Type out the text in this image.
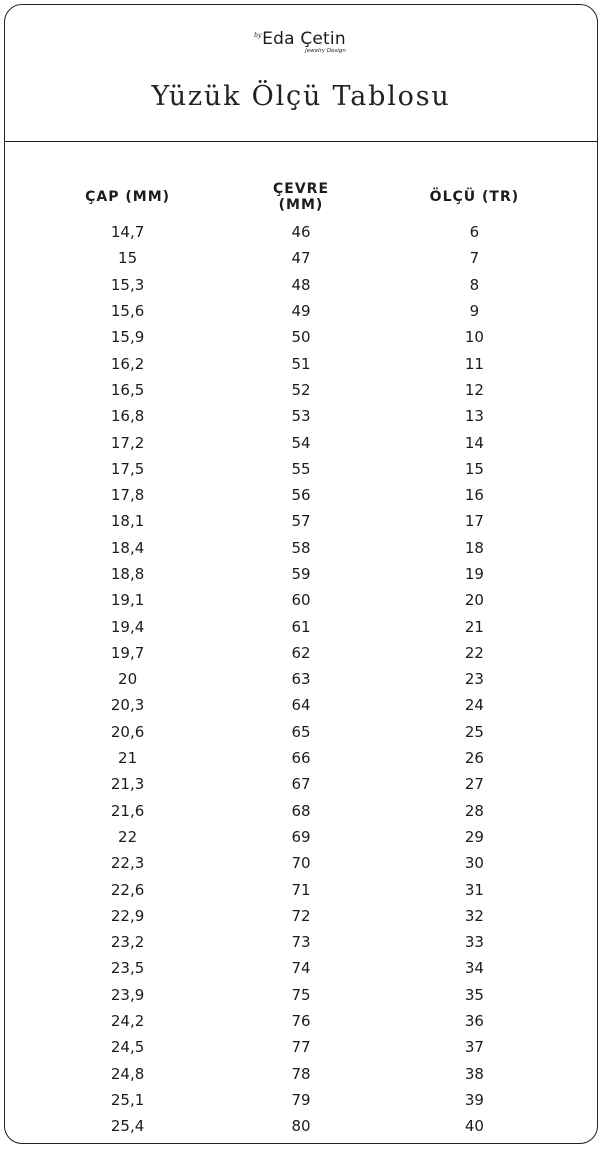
by Eda Çetin
Jewelry Design
Yüzük Ölçü Tablosu
ÇAP (MM)	ÇEVRE (MM)	ÖLÇÜ (TR)
14,7	46	6
15	47	7
15,3	48	8
15,6	49	9
15,9	50	10
16,2	51	11
16,5	52	12
16,8	53	13
17,2	54	14
17,5	55	15
17,8	56	16
18,1	57	17
18,4	58	18
18,8	59	19
19,1	60	20
19,4	61	21
19,7	62	22
20	63	23
20,3	64	24
20,6	65	25
21	66	26
21,3	67	27
21,6	68	28
22	69	29
22,3	70	30
22,6	71	31
22,9	72	32
23,2	73	33
23,5	74	34
23,9	75	35
24,2	76	36
24,5	77	37
24,8	78	38
25,1	79	39
25,4	80	40
